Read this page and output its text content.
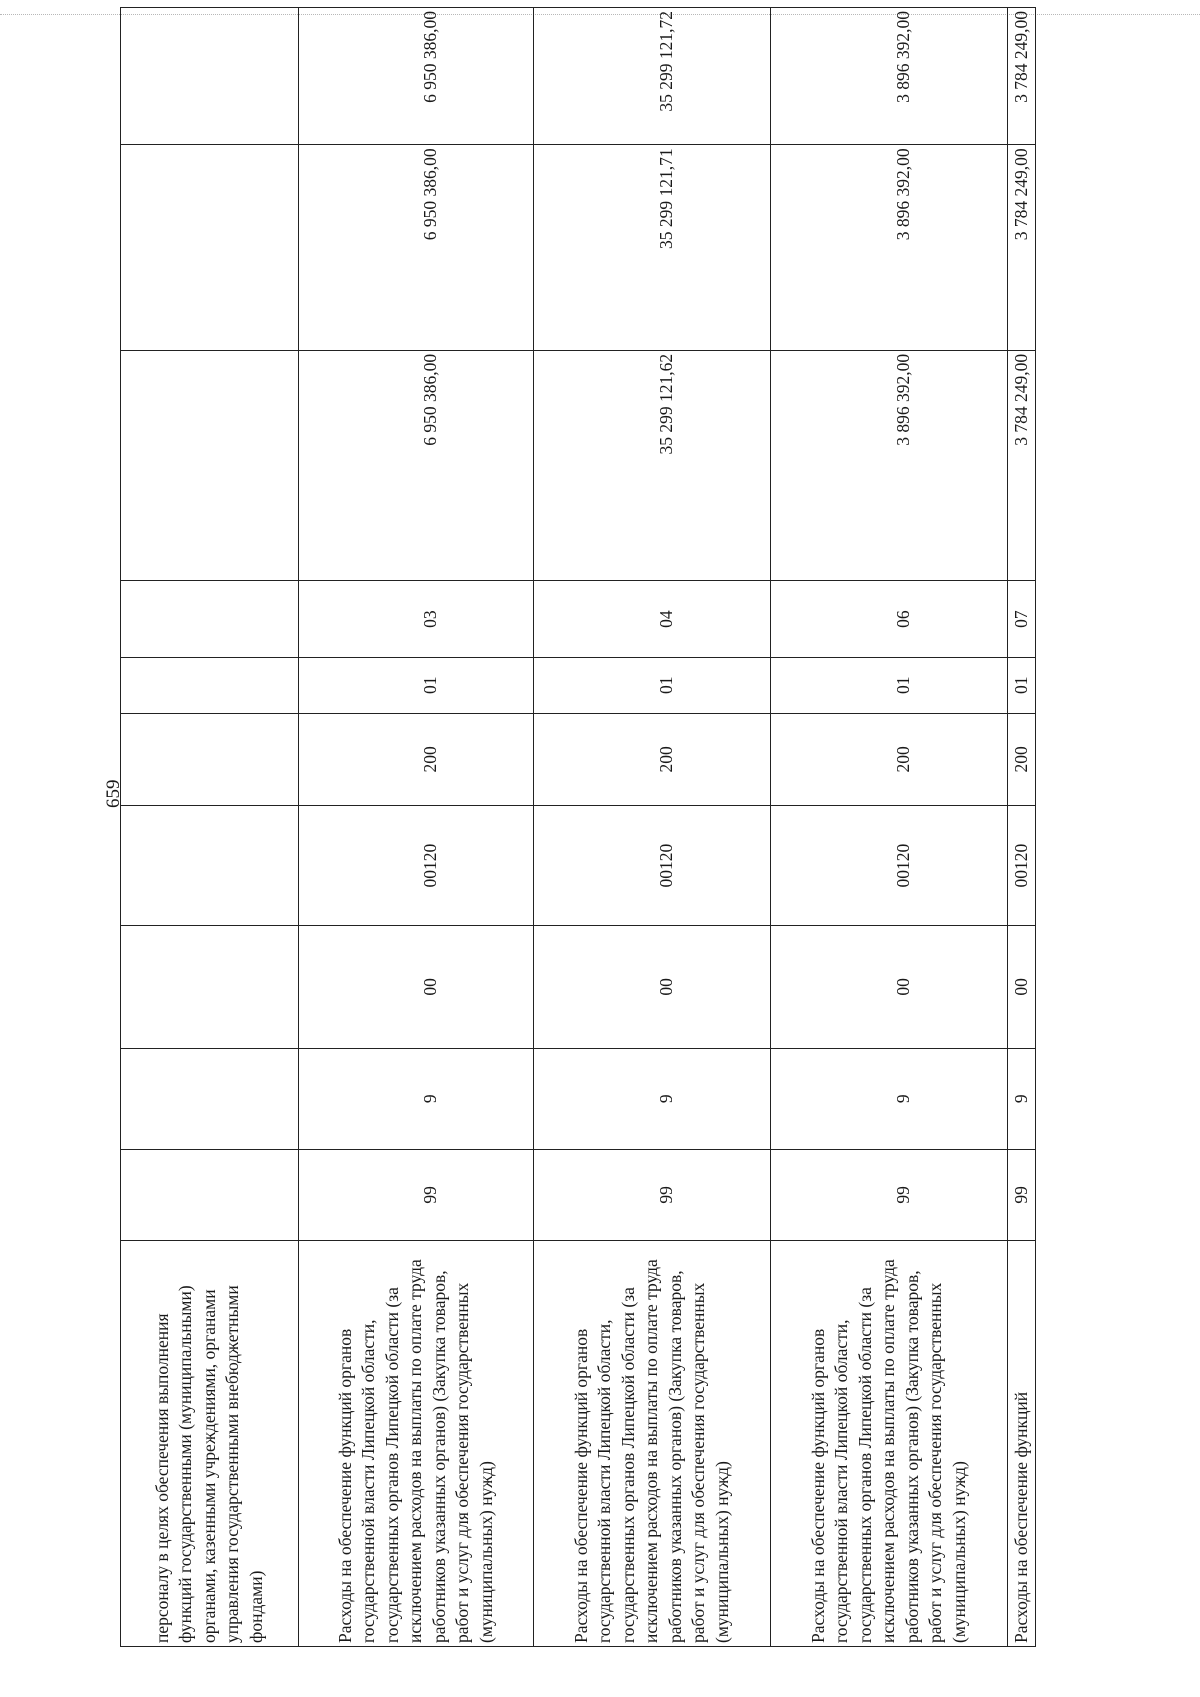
659
персоналу в целях обеспечения выполнения функций государственными (муниципальными) органами, казенными учреждениями, органами управления государственными внебюджетными фондами)										
Расходы на обеспечение функций органов государственной власти Липецкой области, государственных органов Липецкой области (за исключением расходов на выплаты по оплате труда работников указанных органов) (Закупка товаров, работ и услуг для обеспечения государственных (муниципальных) нужд)	99	9	00	00120	200	01	03	6 950 386,00	6 950 386,00	6 950 386,00
Расходы на обеспечение функций органов государственной власти Липецкой области, государственных органов Липецкой области (за исключением расходов на выплаты по оплате труда работников указанных органов) (Закупка товаров, работ и услуг для обеспечения государственных (муниципальных) нужд)	99	9	00	00120	200	01	04	35 299 121,62	35 299 121,71	35 299 121,72
Расходы на обеспечение функций органов государственной власти Липецкой области, государственных органов Липецкой области (за исключением расходов на выплаты по оплате труда работников указанных органов) (Закупка товаров, работ и услуг для обеспечения государственных (муниципальных) нужд)	99	9	00	00120	200	01	06	3 896 392,00	3 896 392,00	3 896 392,00
Расходы на обеспечение функций	99	9	00	00120	200	01	07	3 784 249,00	3 784 249,00	3 784 249,00
